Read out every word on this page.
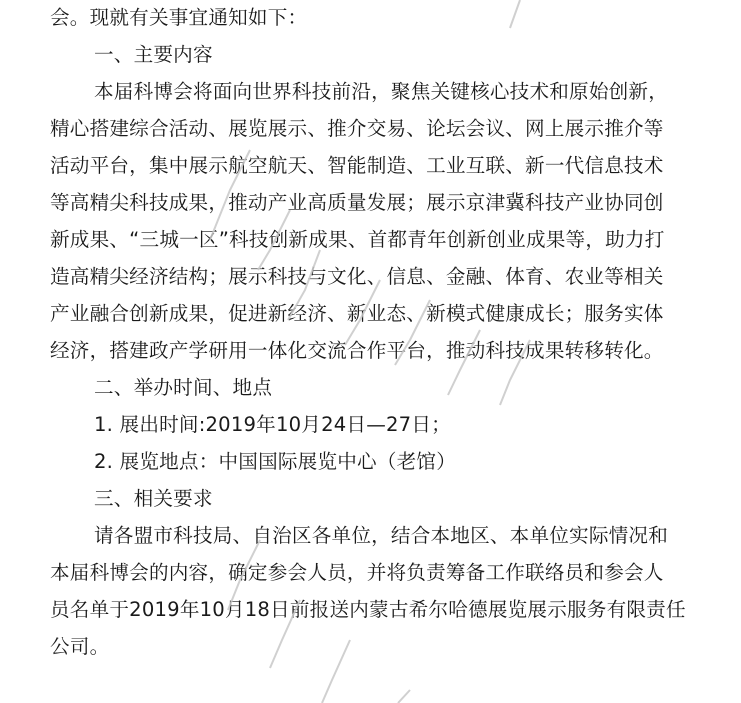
会。现就有关事宜通知如下：
一、主要内容
本届科博会将面向世界科技前沿，聚焦关键核心技术和原始创新，
精心搭建综合活动、展览展示、推介交易、论坛会议、网上展示推介等
活动平台，集中展示航空航天、智能制造、工业互联、新一代信息技术
等高精尖科技成果，推动产业高质量发展；展示京津冀科技产业协同创
新成果、“三城一区”科技创新成果、首都青年创新创业成果等，助力打
造高精尖经济结构；展示科技与文化、信息、金融、体育、农业等相关
产业融合创新成果，促进新经济、新业态、新模式健康成长；服务实体
经济，搭建政产学研用一体化交流合作平台，推动科技成果转移转化。
二、举办时间、地点
1. 展出时间:2019年10月24日—27日；
2. 展览地点：中国国际展览中心（老馆）
三、相关要求
请各盟市科技局、自治区各单位，结合本地区、本单位实际情况和
本届科博会的内容，确定参会人员，并将负责筹备工作联络员和参会人
员名单于2019年10月18日前报送内蒙古希尔哈德展览展示服务有限责任
公司。
